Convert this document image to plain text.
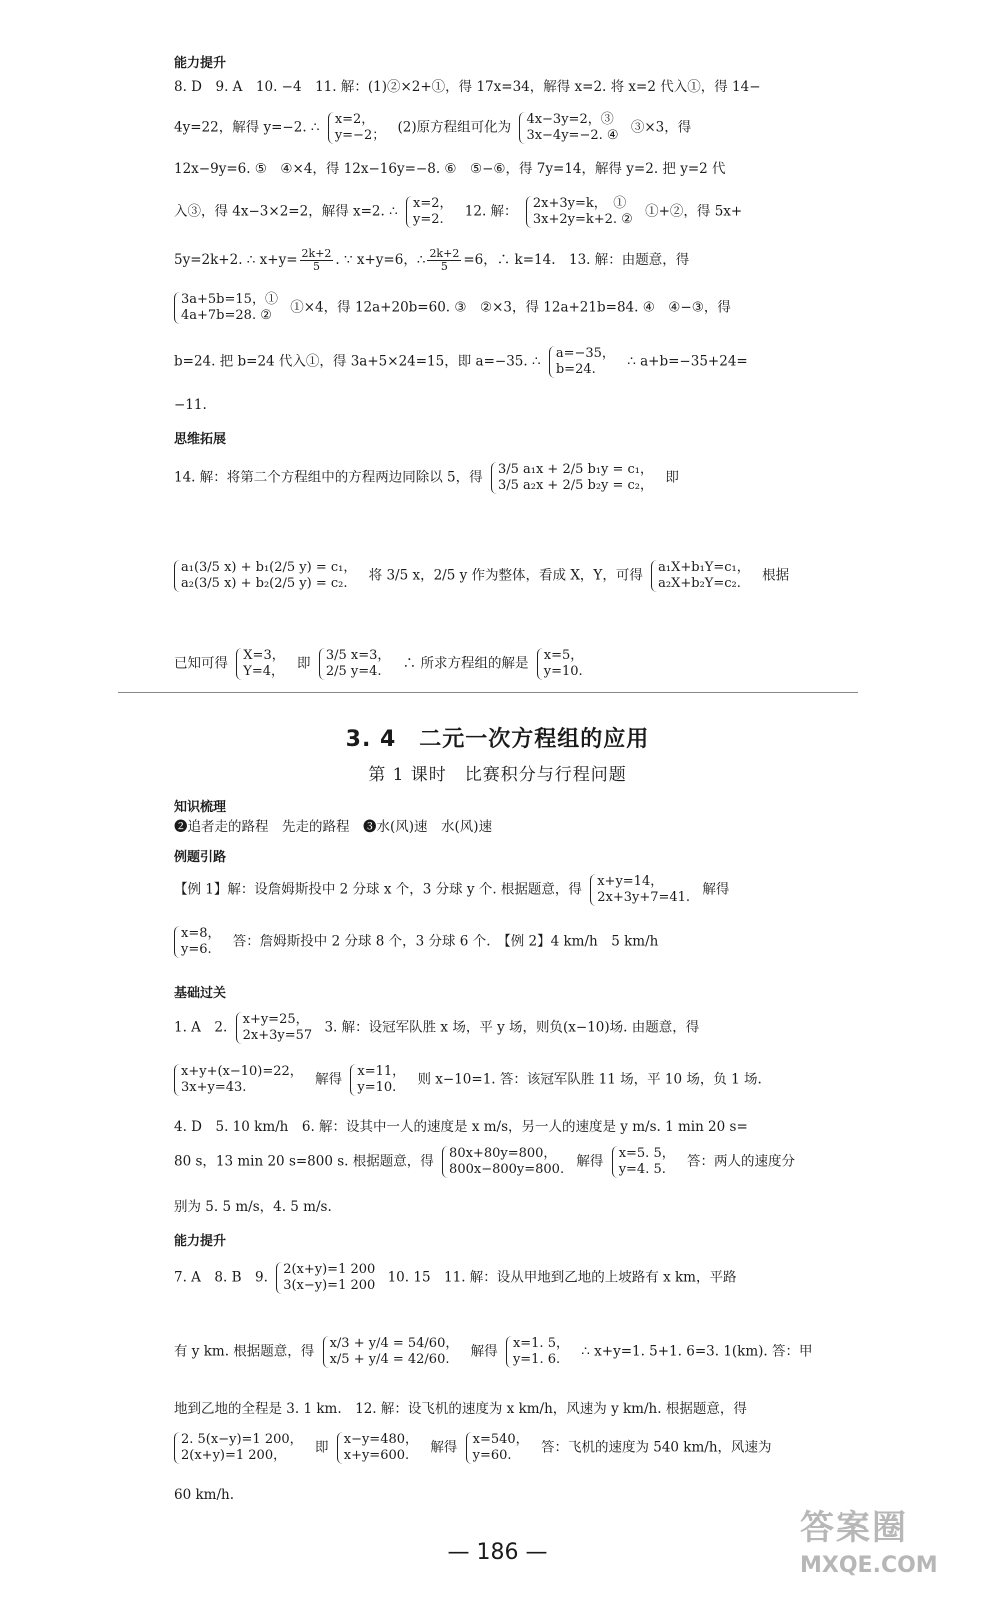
能力提升
8. D　9. A　10. −4　11. 解：(1)②×2+①，得 17x=34，解得 x=2. 将 x=2 代入①，得 14−
4y=22，解得 y=−2. ∴ x=2，
y=−2； (2)原方程组可化为 4x−3y=2，③
3x−4y=−2. ④ ③×3，得
12x−9y=6. ⑤　④×4，得 12x−16y=−8. ⑥　⑤−⑥，得 7y=14，解得 y=2. 把 y=2 代
入③，得 4x−3×2=2，解得 x=2. ∴ x=2，
y=2.	12. 解： 2x+3y=k，　①
3x+2y=k+2. ② ①+②，得 5x+
5y=2k+2. ∴ $x+y= \frac{2k+2}{5}$ . ∵ x+y=6，∴ $\frac{2k+2}{5} =6$，∴ k=14.　13. 解：由题意，得
3a+5b=15，①
4a+7b=28. ②	①×4，得 12a+20b=60. ③　②×3，得 12a+21b=84. ④　④−③，得
b=24. 把 b=24 代入①，得 3a+5×24=15，即 a=−35. ∴ a=−35，
b=24.	∴ a+b=−35+24=
−11.
思维拓展
14. 解：将第二个方程组中的方程两边同除以 5，得 3/5 a₁x + 2/5 b₁y = c₁，
3/5 a₂x + 2/5 b₂y = c₂， 即
a₁(3/5 x) + b₁(2/5 y) = c₁，
a₂(3/5 x) + b₂(2/5 y) = c₂.	将 3/5 x，2/5 y 作为整体，看成 X，Y，可得 a₁X+b₁Y=c₁，
a₂X+b₂Y=c₂.	根据
已知可得 X=3，
Y=4， 即 3/5 x=3，
2/5 y=4.	∴ 所求方程组的解是 x=5，
y=10.
3. 4　二元一次方程组的应用
第 1 课时　比赛积分与行程问题
知识梳理
❷追者走的路程　先走的路程　❸水(风)速　水(风)速
例题引路
【例 1】解：设詹姆斯投中 2 分球 x 个，3 分球 y 个. 根据题意，得 x+y=14，
2x+3y+7=41. 解得
x=8，
y=6.	答：詹姆斯投中 2 分球 8 个，3 分球 6 个.　【例 2】4 km/h　5 km/h
基础过关
1. A　2. x+y=25，
2x+3y=57 3. 解：设冠军队胜 x 场，平 y 场，则负(x−10)场. 由题意，得
x+y+(x−10)=22，
3x+y=43.	解得 x=11，
y=10.	则 x−10=1. 答：该冠军队胜 11 场，平 10 场，负 1 场.
4. D　5. 10 km/h　6. 解：设其中一人的速度是 x m/s，另一人的速度是 y m/s. 1 min 20 s=
80 s，13 min 20 s=800 s. 根据题意，得 80x+80y=800，
800x−800y=800. 解得 x=5. 5，
y=4. 5.	答：两人的速度分
别为 5. 5 m/s，4. 5 m/s.
能力提升
7. A　8. B　9. 2(x+y)=1 200
3(x−y)=1 200 10. 15　11. 解：设从甲地到乙地的上坡路有 x km，平路
有 y km. 根据题意，得 x/3 + y/4 = 54/60，
x/5 + y/4 = 42/60.	解得 x=1. 5，
y=1. 6.	∴ x+y=1. 5+1. 6=3. 1(km). 答：甲
地到乙地的全程是 3. 1 km.　12. 解：设飞机的速度为 x km/h，风速为 y km/h. 根据题意，得
2. 5(x−y)=1 200，
2(x+y)=1 200，	即 x−y=480，
x+y=600.	解得 x=540，
y=60.	答：飞机的速度为 540 km/h，风速为
60 km/h.
— 186 —
答案圈
MXQE.COM
